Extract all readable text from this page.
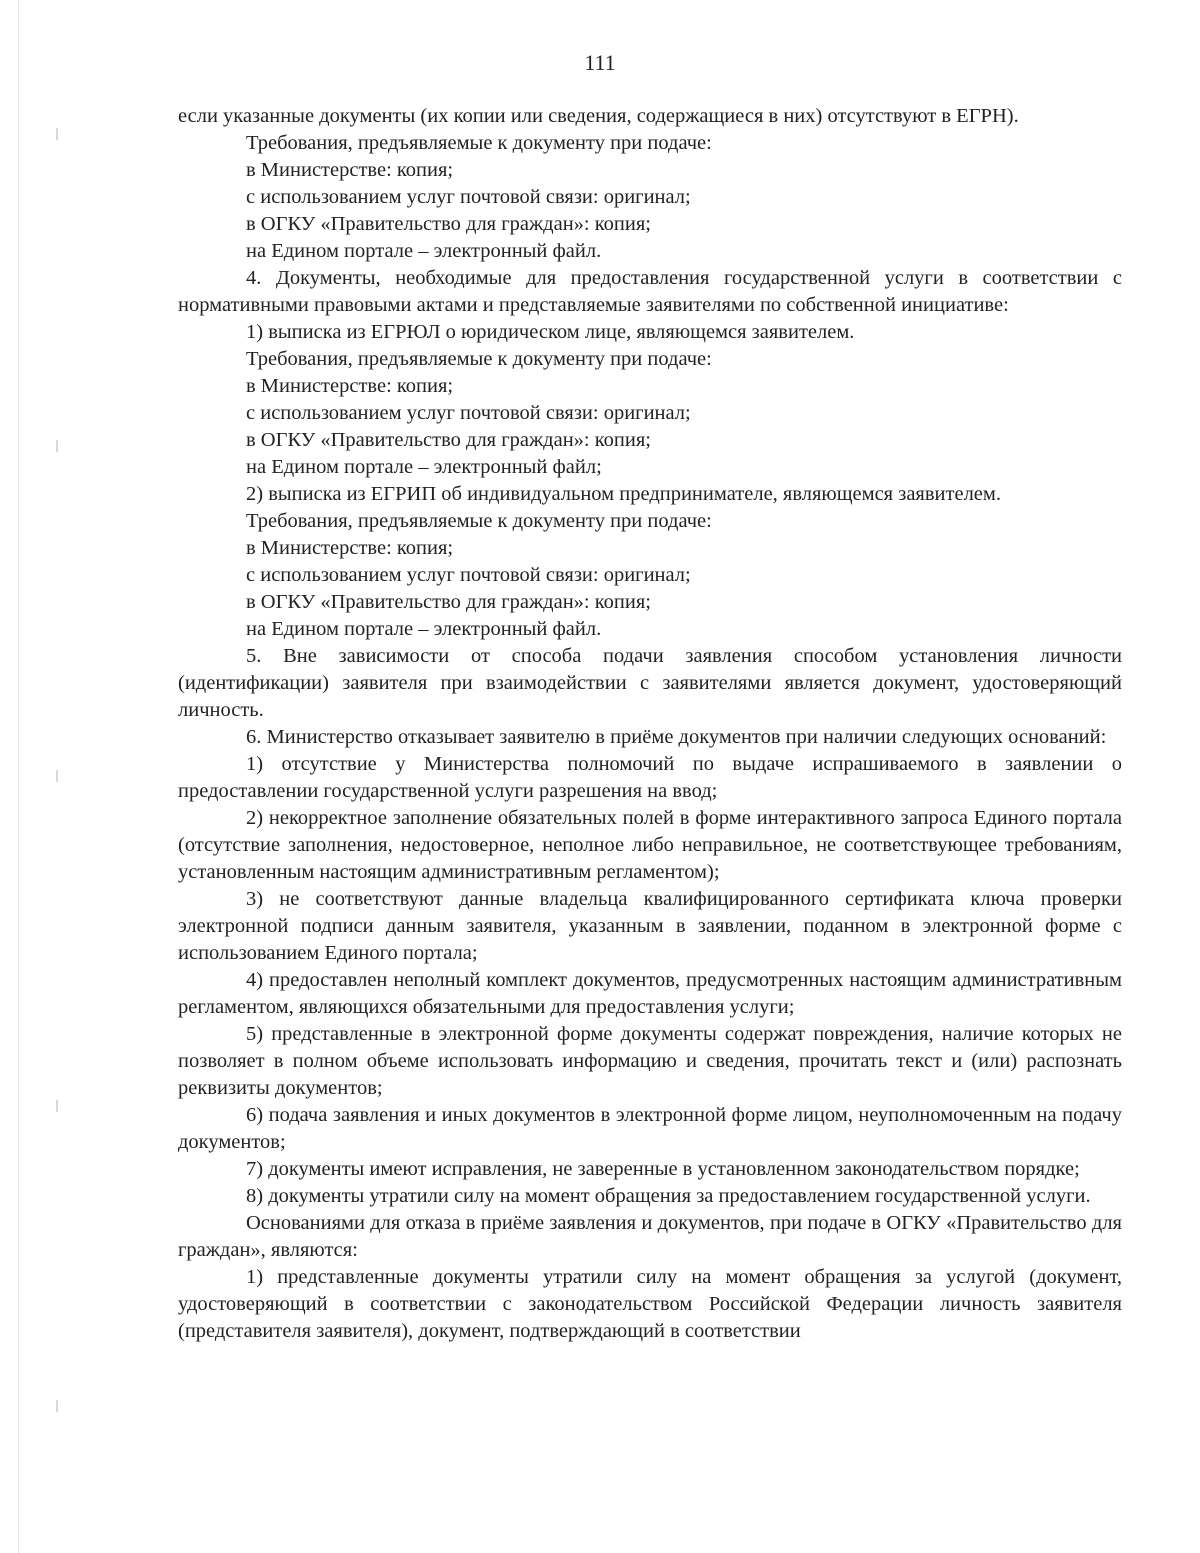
111

если указанные документы (их копии или сведения, содержащиеся в них) отсутствуют в ЕГРН).

Требования, предъявляемые к документу при подаче:

в Министерстве: копия;

с использованием услуг почтовой связи: оригинал;

в ОГКУ «Правительство для граждан»: копия;

на Едином портале – электронный файл.

4. Документы, необходимые для предоставления государственной услуги в соответствии с нормативными правовыми актами и представляемые заявителями по собственной инициативе:

1) выписка из ЕГРЮЛ о юридическом лице, являющемся заявителем.

Требования, предъявляемые к документу при подаче:

в Министерстве: копия;

с использованием услуг почтовой связи: оригинал;

в ОГКУ «Правительство для граждан»: копия;

на Едином портале – электронный файл;

2) выписка из ЕГРИП об индивидуальном предпринимателе, являющемся заявителем.

Требования, предъявляемые к документу при подаче:

в Министерстве: копия;

с использованием услуг почтовой связи: оригинал;

в ОГКУ «Правительство для граждан»: копия;

на Едином портале – электронный файл.

5. Вне зависимости от способа подачи заявления способом установления личности (идентификации) заявителя при взаимодействии с заявителями является документ, удостоверяющий личность.

6. Министерство отказывает заявителю в приёме документов при наличии следующих оснований:

1) отсутствие у Министерства полномочий по выдаче испрашиваемого в заявлении о предоставлении государственной услуги разрешения на ввод;

2) некорректное заполнение обязательных полей в форме интерактивного запроса Единого портала (отсутствие заполнения, недостоверное, неполное либо неправильное, не соответствующее требованиям, установленным настоящим административным регламентом);

3) не соответствуют данные владельца квалифицированного сертификата ключа проверки электронной подписи данным заявителя, указанным в заявлении, поданном в электронной форме с использованием Единого портала;

4) предоставлен неполный комплект документов, предусмотренных настоящим административным регламентом, являющихся обязательными для предоставления услуги;

5) представленные в электронной форме документы содержат повреждения, наличие которых не позволяет в полном объеме использовать информацию и сведения, прочитать текст и (или) распознать реквизиты документов;

6) подача заявления и иных документов в электронной форме лицом, неуполномоченным на подачу документов;

7) документы имеют исправления, не заверенные в установленном законодательством порядке;

8) документы утратили силу на момент обращения за предоставлением государственной услуги.

Основаниями для отказа в приёме заявления и документов, при подаче в ОГКУ «Правительство для граждан», являются:

1) представленные документы утратили силу на момент обращения за услугой (документ, удостоверяющий в соответствии с законодательством Российской Федерации личность заявителя (представителя заявителя), документ, подтверждающий в соответствии
